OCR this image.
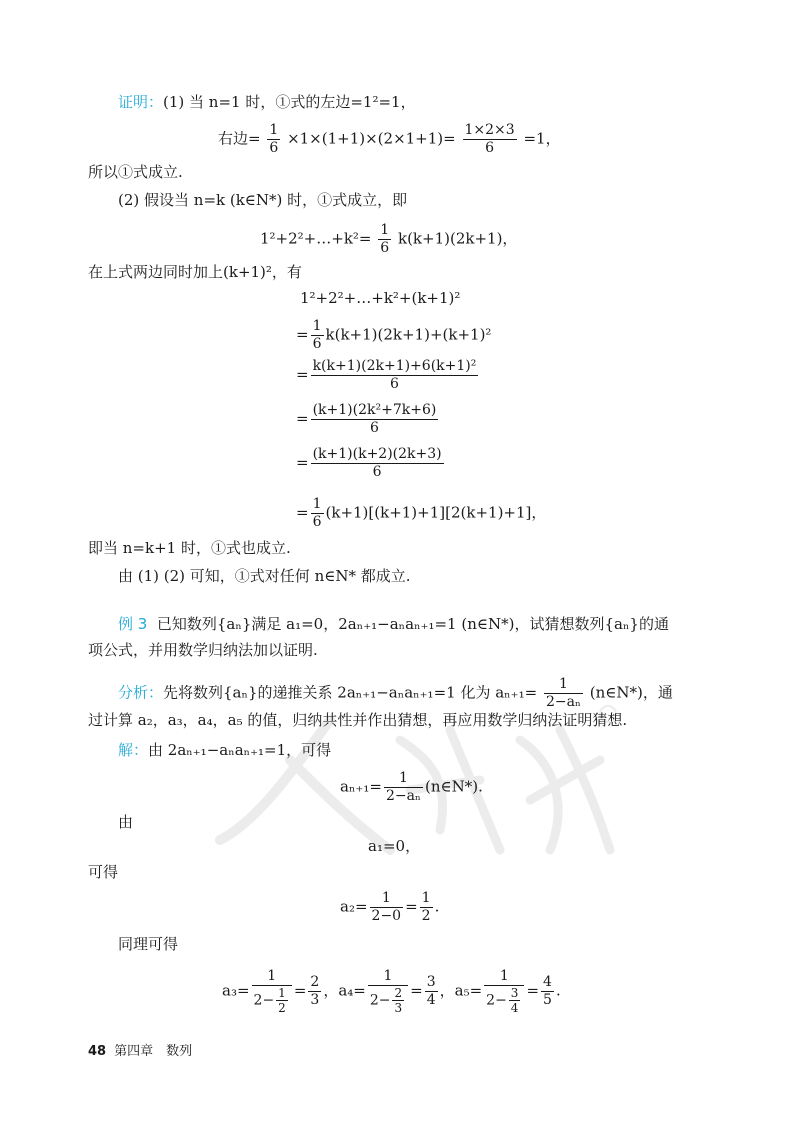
证明：(1) 当 n=1 时，①式的左边=1²=1，
右边= $\frac{1}{6} \times 1\times(1+1)\times(2\times 1+1)= \frac{1\times 2\times 3}{6} =1$，
所以①式成立.
(2) 假设当 n=k (k∈N*) 时，①式成立，即
1²+2²+…+k²= $\frac{1}{6} k(k+1)(2k+1)$，
在上式两边同时加上(k+1)²，有
1²+2²+…+k²+(k+1)²
= $\frac{1}{6} k(k+1)(2k+1)+(k+1)^2$
= $\frac{\text{k(k+1)(2k+1)+6(k+1)²}}{6}$
= $\frac{\text{(k+1)(2k²+7k+6)}}{6}$
= $\frac{(k+1)(k+2)(2k+3)}{6}$
= $\frac{1}{6} (k+1)[(k+1)+1][2(k+1)+1]$，
即当 n=k+1 时，①式也成立.
由 (1) (2) 可知，①式对任何 n∈N* 都成立.
例 3 已知数列{aₙ}满足 a₁=0，2aₙ₊₁−aₙaₙ₊₁=1 (n∈N*)，试猜想数列{aₙ}的通
项公式，并用数学归纳法加以证明.
分析：先将数列{aₙ}的递推关系 2aₙ₊₁−aₙaₙ₊₁=1 化为 $a_{n+1}= \frac{1}{\text{2−aₙ}}$ (n∈N*)，通
过计算 a₂，a₃，a₄，a₅ 的值，归纳共性并作出猜想，再应用数学归纳法证明猜想.
解：由 2aₙ₊₁−aₙaₙ₊₁=1，可得
$a_{n+1}= \frac{1}{\text{2−aₙ}}$ (n∈N*).
由
a₁=0，
可得
$a_2= \frac{1}{2-0} = \frac{1}{2}$ .
同理可得
$a_3= \frac{1}{2- \frac{1}{2}} = \frac{2}{3}$ ，$a_4= \frac{1}{2- \frac{2}{3}} = \frac{3}{4}$ ，$a_5= \frac{1}{2- \frac{3}{4}} = \frac{4}{5}$ .
48 第四章　数列
